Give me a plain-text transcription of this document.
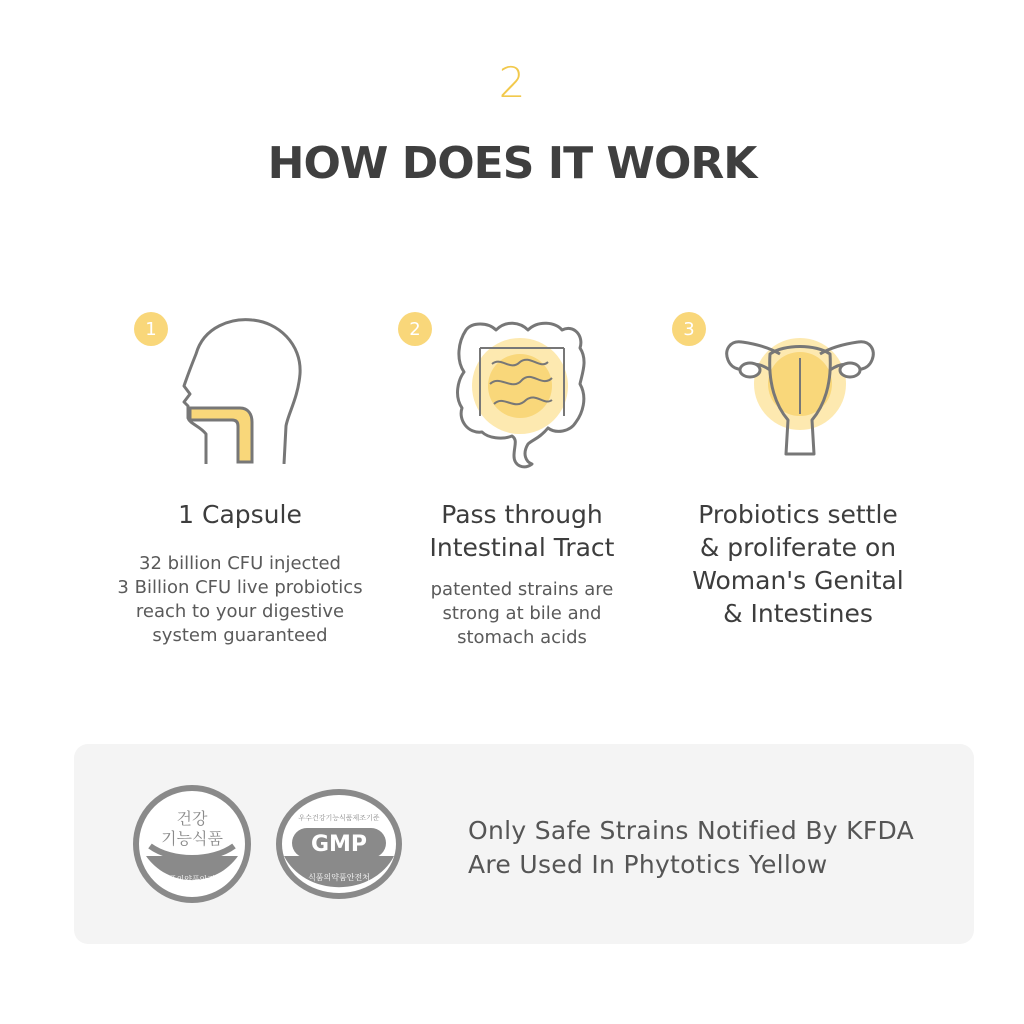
2
HOW DOES IT WORK
1
1 Capsule
32 billion CFU injected
3 Billion CFU live probiotics
reach to your digestive
system guaranteed
2
Pass through
Intestinal Tract
patented strains are
strong at bile and
stomach acids
3
Probiotics settle
& proliferate on
Woman's Genital
& Intestines
건강
기능식품
식품의약품안전처
우수건강기능식품제조기준
GMP
식품의약품안전처
Only Safe Strains Notified By KFDA
Are Used In Phytotics Yellow
